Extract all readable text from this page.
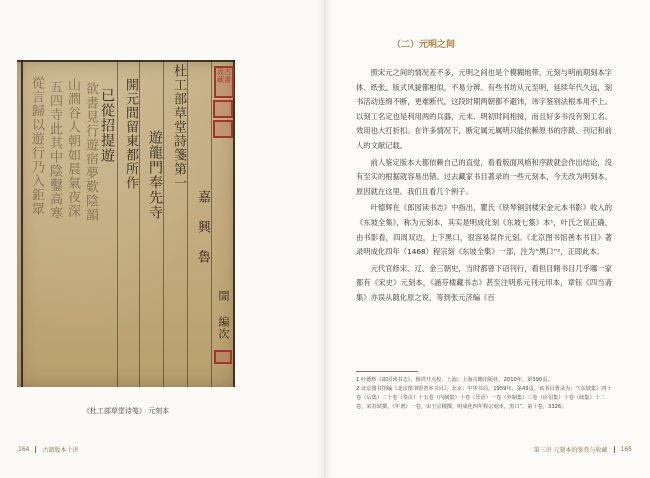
從言歸以遊行乃入鉅眾 五四寺此其中陰鑿高寒 山澗谷人朝如晨氣夜深 欲書見行遊宿夢歎陰韻 已從招提遊 開元間留東都所作 遊龍門奉先寺 杜工部草堂詩箋第一
嘉 興 魯
誾 編次
汲古
藏書
《杜工部草堂诗笺》 元刻本
164 古籍版本十讲
（二）元明之间

照宋元之间的情况差不多，元明之间也是个模糊地带。元刻与明前期刻本字体、纸张、版式风貌都相似，不易分辨。有些书坊从元至明，延续年代久远，刻书活动连绵不断，更难断代，这段时期两朝都不避讳，讳字鉴别法根本用不上。以刻工名定也是利用两的兵器，元末、明初时间相接，而且好多书没有刻工名。效用也大打折扣。在许多情况下，断定属元属明只能依赖原书的序跋、刊记和前人的文献记载。

前人鉴定版本大都依赖自己的直觉，看看版面风格和序跋就会作出结论，没有至实的根据就容易出错。过去藏家书目著录的一些元刻本，今天改为明刻本，原因就在这里。我们且看几个例子。

叶德辉在《郎园读书志》中指出，瞿氏《铁琴铜剑楼宋金元本书影》收入的《东坡全集》，称为元刻本，其实是明成化刻《东坡七集》本¹，叶氏之说正确，由书影看，四周双边，上下黑口，很容易误作元刻。《北京图书馆善本书目》著录明成化四年（1468）程宗刻《东坡全集》一部，注为“黑口”²，正即此本。

元代官修宋、辽、金三朝史，当时都曾下诏刊行，看但目睹书目几乎哪一家都有《宋史》元刻本，《涵芬楼藏书志》甚至注明系元刊元印本，章钰《四当斋集》亦误从随化原之说，等到张元济编《百

1 叶德辉《郎园读书志》，杨洪升点校，上海：上海古籍出版社，2010年，第390页。
2 北京图书馆编《北京图书馆善本书目》，北京：中华书局，1959年，第43页。该书目著录为：“《东坡集》四十卷（后集）二十卷（奏议）十五卷（内制集）十卷（乐语）一卷（外制集）三卷（应诏集）十卷（续集）十二卷，宋苏轼撰，《年谱》一卷，宋王宗稷撰，明成化四年程宗刻本，黑口”。第十卷，3326。
第三讲 元刻本的鉴赏与收藏 165
